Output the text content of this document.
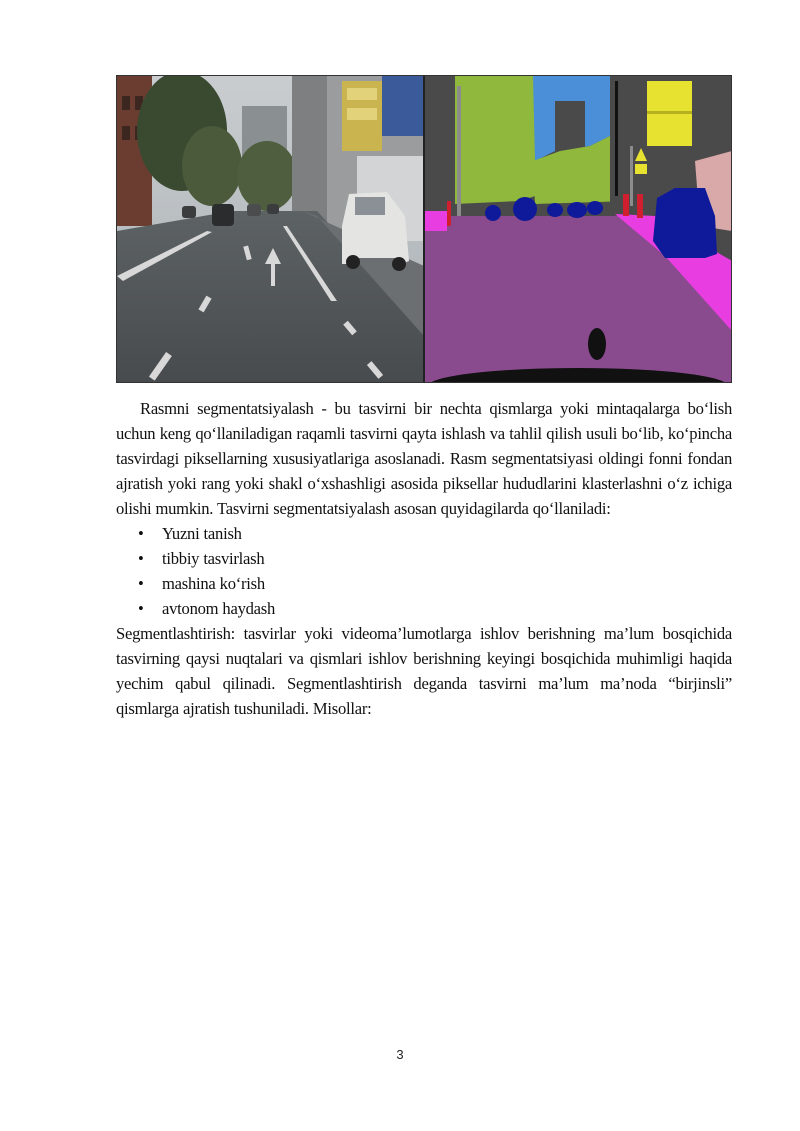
Rasmni segmentatsiyalash - bu tasvirni bir nechta qismlarga yoki mintaqalarga bo‘lish uchun keng qo‘llaniladigan raqamli tasvirni qayta ishlash va tahlil qilish usuli bo‘lib, ko‘pincha tasvirdagi piksellarning xususiyatlariga asoslanadi. Rasm segmentatsiyasi oldingi fonni fondan ajratish yoki rang yoki shakl o‘xshashligi asosida piksellar hududlarini klasterlashni o‘z ichiga olishi mumkin. Tasvirni segmentatsiyalash asosan quyidagilarda qo‘llaniladi:

• Yuzni tanish
• tibbiy tasvirlash
• mashina ko‘rish
• avtonom haydash

Segmentlashtirish: tasvirlar yoki videoma’lumotlarga ishlov berishning ma’lum bosqichida tasvirning qaysi nuqtalari va qismlari ishlov berishning keyingi bosqichida muhimligi haqida yechim qabul qilinadi. Segmentlashtirish deganda tasvirni ma’lum ma’noda “birjinsli” qismlarga ajratish tushuniladi. Misollar:

3
